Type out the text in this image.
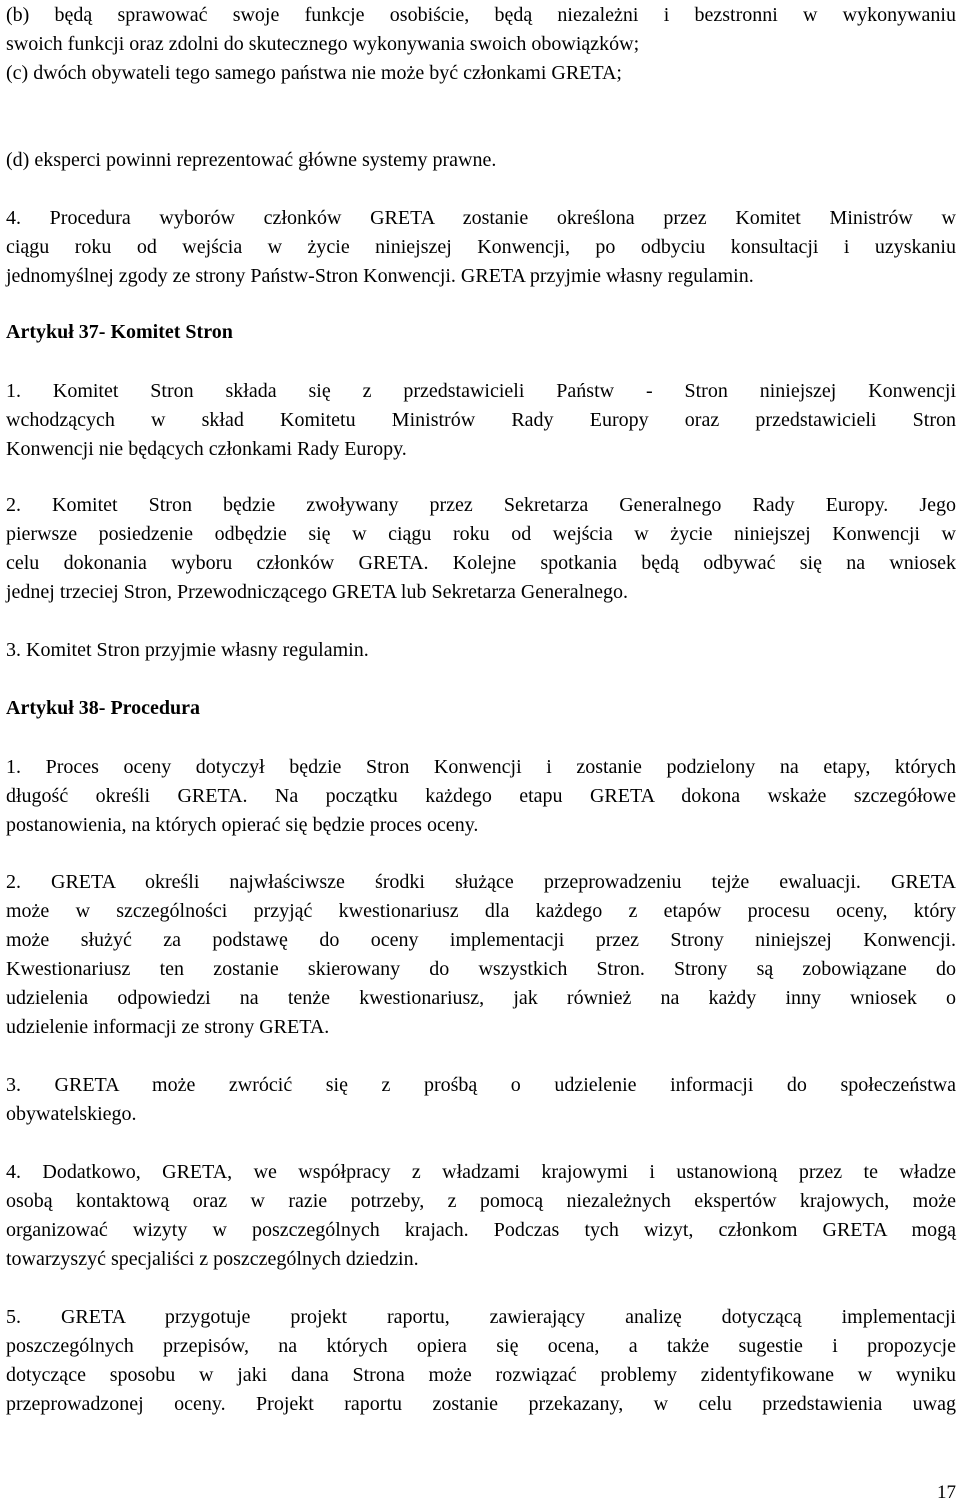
(b) będą sprawować swoje funkcje osobiście, będą niezależni i bezstronni w wykonywaniu
swoich funkcji oraz zdolni do skutecznego wykonywania swoich obowiązków;
(c) dwóch obywateli tego samego państwa nie może być członkami GRETA;
(d) eksperci powinni reprezentować główne systemy prawne.
4. Procedura wyborów członków GRETA zostanie określona przez Komitet Ministrów w
ciągu roku od wejścia w życie niniejszej Konwencji, po odbyciu konsultacji i uzyskaniu
jednomyślnej zgody ze strony Państw-Stron Konwencji. GRETA przyjmie własny regulamin.
Artykuł 37- Komitet Stron
1. Komitet Stron składa się z przedstawicieli Państw - Stron niniejszej Konwencji
wchodzących w skład Komitetu Ministrów Rady Europy oraz przedstawicieli Stron
Konwencji nie będących członkami Rady Europy.
2. Komitet Stron będzie zwoływany przez Sekretarza Generalnego Rady Europy. Jego
pierwsze posiedzenie odbędzie się w ciągu roku od wejścia w życie niniejszej Konwencji w
celu dokonania wyboru członków GRETA. Kolejne spotkania będą odbywać się na wniosek
jednej trzeciej Stron, Przewodniczącego GRETA lub Sekretarza Generalnego.
3. Komitet Stron przyjmie własny regulamin.
Artykuł 38- Procedura
1. Proces oceny dotyczył będzie Stron Konwencji i zostanie podzielony na etapy, których
długość określi GRETA. Na początku każdego etapu GRETA dokona wskaże szczegółowe
postanowienia, na których opierać się będzie proces oceny.
2. GRETA określi najwłaściwsze środki służące przeprowadzeniu tejże ewaluacji. GRETA
może w szczególności przyjąć kwestionariusz dla każdego z etapów procesu oceny, który
może służyć za podstawę do oceny implementacji przez Strony niniejszej Konwencji.
Kwestionariusz ten zostanie skierowany do wszystkich Stron. Strony są zobowiązane do
udzielenia odpowiedzi na tenże kwestionariusz, jak również na każdy inny wniosek o
udzielenie informacji ze strony GRETA.
3. GRETA może zwrócić się z prośbą o udzielenie informacji do społeczeństwa
obywatelskiego.
4. Dodatkowo, GRETA, we współpracy z władzami krajowymi i ustanowioną przez te władze
osobą kontaktową oraz w razie potrzeby, z pomocą niezależnych ekspertów krajowych, może
organizować wizyty w poszczególnych krajach. Podczas tych wizyt, członkom GRETA mogą
towarzyszyć specjaliści z poszczególnych dziedzin.
5. GRETA przygotuje projekt raportu, zawierający analizę dotyczącą implementacji
poszczególnych przepisów, na których opiera się ocena, a także sugestie i propozycje
dotyczące sposobu w jaki dana Strona może rozwiązać problemy zidentyfikowane w wyniku
przeprowadzonej oceny. Projekt raportu zostanie przekazany, w celu przedstawienia uwag
17
